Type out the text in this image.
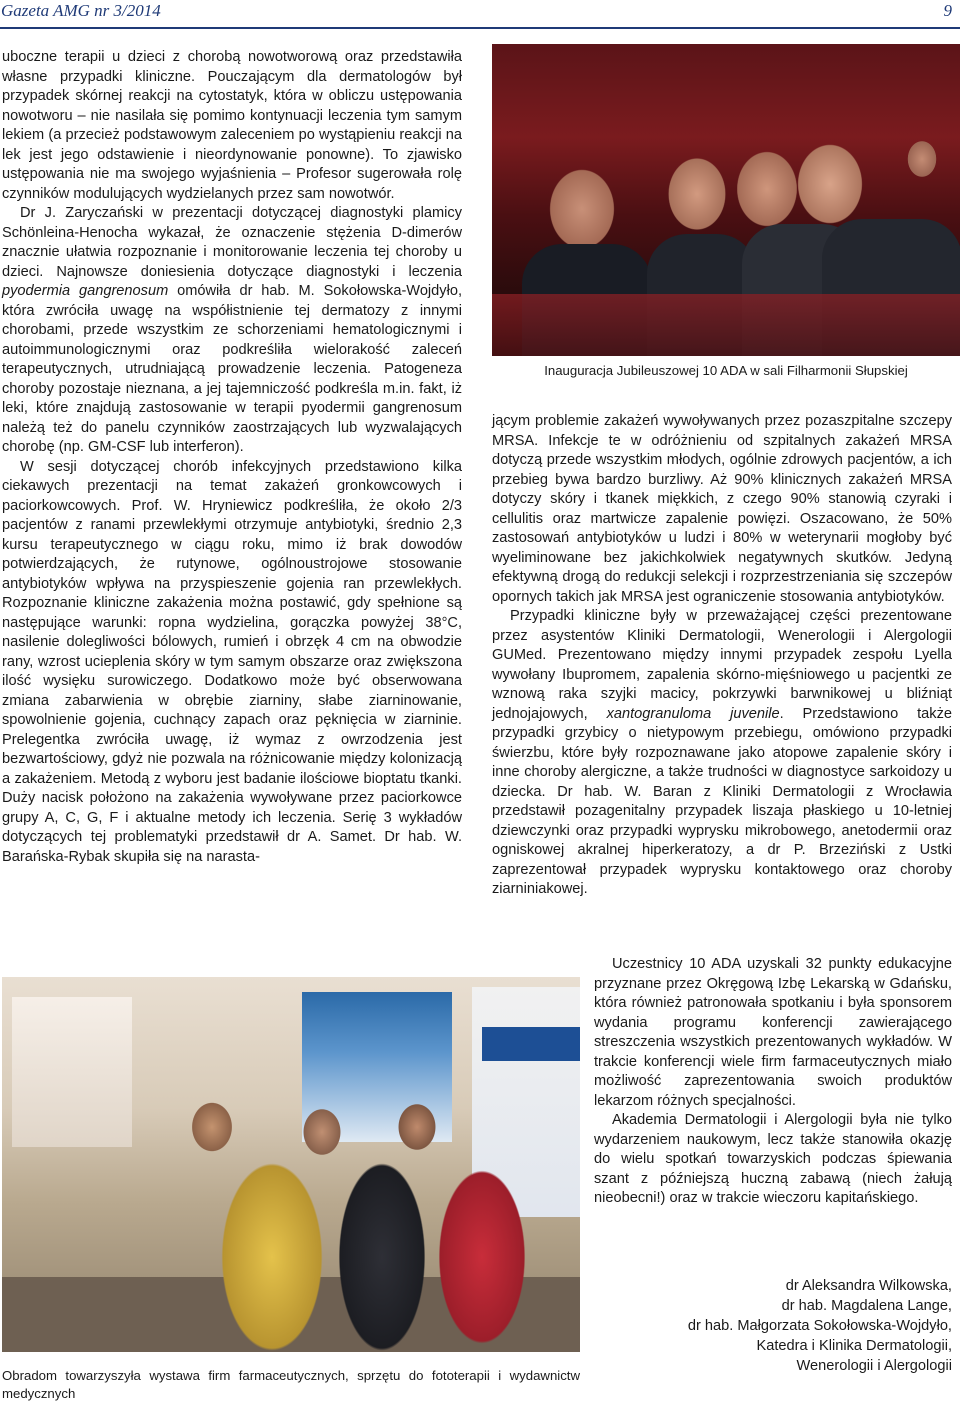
Gazeta AMG nr 3/2014	9

uboczne terapii u dzieci z chorobą nowotworową oraz przedstawiła własne przypadki kliniczne. Pouczającym dla dermatologów był przypadek skórnej reakcji na cytostatyk, która w obliczu ustępowania nowotworu – nie nasilała się pomimo kontynuacji leczenia tym samym lekiem (a przecież podstawowym zaleceniem po wystąpieniu reakcji na lek jest jego odstawienie i nieordynowanie ponowne). To zjawisko ustępowania nie ma swojego wyjaśnienia – Profesor sugerowała rolę czynników modulujących wydzielanych przez sam nowotwór.

Dr J. Zaryczański w prezentacji dotyczącej diagnostyki plamicy Schönleina-Henocha wykazał, że oznaczenie stężenia D-dimerów znacznie ułatwia rozpoznanie i monitorowanie leczenia tej choroby u dzieci. Najnowsze doniesienia dotyczące diagnostyki i leczenia pyodermia gangrenosum omówiła dr hab. M. Sokołowska-Wojdyło, która zwróciła uwagę na współistnienie tej dermatozy z innymi chorobami, przede wszystkim ze schorzeniami hematologicznymi i autoimmunologicznymi oraz podkreśliła wielorakość zaleceń terapeutycznych, utrudniającą prowadzenie leczenia. Patogeneza choroby pozostaje nieznana, a jej tajemniczość podkreśla m.in. fakt, iż leki, które znajdują zastosowanie w terapii pyodermii gangrenosum należą też do panelu czynników zaostrzających lub wyzwalających chorobę (np. GM-CSF lub interferon).

W sesji dotyczącej chorób infekcyjnych przedstawiono kilka ciekawych prezentacji na temat zakażeń gronkowcowych i paciorkowcowych. Prof. W. Hryniewicz podkreśliła, że około 2/3 pacjentów z ranami przewlekłymi otrzymuje antybiotyki, średnio 2,3 kursu terapeutycznego w ciągu roku, mimo iż brak dowodów potwierdzających, że rutynowe, ogólnoustrojowe stosowanie antybiotyków wpływa na przyspieszenie gojenia ran przewlekłych. Rozpoznanie kliniczne zakażenia można postawić, gdy spełnione są następujące warunki: ropna wydzielina, gorączka powyżej 38°C, nasilenie dolegliwości bólowych, rumień i obrzęk 4 cm na obwodzie rany, wzrost ucieplenia skóry w tym samym obszarze oraz zwiększona ilość wysięku surowiczego. Dodatkowo może być obserwowana zmiana zabarwienia w obrębie ziarniny, słabe ziarninowanie, spowolnienie gojenia, cuchnący zapach oraz pęknięcia w ziarninie. Prelegentka zwróciła uwagę, iż wymaz z owrzodzenia jest bezwartościowy, gdyż nie pozwala na różnicowanie między kolonizacją a zakażeniem. Metodą z wyboru jest badanie ilościowe bioptatu tkanki. Duży nacisk położono na zakażenia wywoływane przez paciorkowce grupy A, C, G, F i aktualne metody ich leczenia. Serię 3 wykładów dotyczących tej problematyki przedstawił dr A. Samet. Dr hab. W. Barańska-Rybak skupiła się na narasta-

Inauguracja Jubileuszowej 10 ADA w sali Filharmonii Słupskiej

jącym problemie zakażeń wywoływanych przez pozaszpitalne szczepy MRSA. Infekcje te w odróżnieniu od szpitalnych zakażeń MRSA dotyczą przede wszystkim młodych, ogólnie zdrowych pacjentów, a ich przebieg bywa bardzo burzliwy. Aż 90% klinicznych zakażeń MRSA dotyczy skóry i tkanek miękkich, z czego 90% stanowią czyraki i cellulitis oraz martwicze zapalenie powięzi. Oszacowano, że 50% zastosowań antybiotyków u ludzi i 80% w weterynarii mogłoby być wyeliminowane bez jakichkolwiek negatywnych skutków. Jedyną efektywną drogą do redukcji selekcji i rozprzestrzeniania się szczepów opornych takich jak MRSA jest ograniczenie stosowania antybiotyków.

Przypadki kliniczne były w przeważającej części prezentowane przez asystentów Kliniki Dermatologii, Wenerologii i Alergologii GUMed. Prezentowano między innymi przypadek zespołu Lyella wywołany Ibupromem, zapalenia skórno-mięśniowego u pacjentki ze wznową raka szyjki macicy, pokrzywki barwnikowej u bliźniąt jednojajowych, xantogranuloma juvenile. Przedstawiono także przypadki grzybicy o nietypowym przebiegu, omówiono przypadki świerzbu, które były rozpoznawane jako atopowe zapalenie skóry i inne choroby alergiczne, a także trudności w diagnostyce sarkoidozy u dziecka. Dr hab. W. Baran z Kliniki Dermatologii z Wrocławia przedstawił pozagenitalny przypadek liszaja płaskiego u 10-letniej dziewczynki oraz przypadki wyprysku mikrobowego, anetodermii oraz ogniskowej akralnej hiperkeratozy, a dr P. Brzeziński z Ustki zaprezentował przypadek wyprysku kontaktowego oraz choroby ziarniniakowej.

Uczestnicy 10 ADA uzyskali 32 punkty edukacyjne przyznane przez Okręgową Izbę Lekarską w Gdańsku, która również patronowała spotkaniu i była sponsorem wydania programu konferencji zawierającego streszczenia wszystkich prezentowanych wykładów. W trakcie konferencji wiele firm farmaceutycznych miało możliwość zaprezentowania swoich produktów lekarzom różnych specjalności.

Akademia Dermatologii i Alergologii była nie tylko wydarzeniem naukowym, lecz także stanowiła okazję do wielu spotkań towarzyskich podczas śpiewania szant z późniejszą huczną zabawą (niech żałują nieobecni!) oraz w trakcie wieczoru kapitańskiego.

Obradom towarzyszyła wystawa firm farmaceutycznych, sprzętu do fototerapii i wydawnictw medycznych
dr Aleksandra Wilkowska,
dr hab. Magdalena Lange,
dr hab. Małgorzata Sokołowska-Wojdyło,
Katedra i Klinika Dermatologii,
Wenerologii i Alergologii
